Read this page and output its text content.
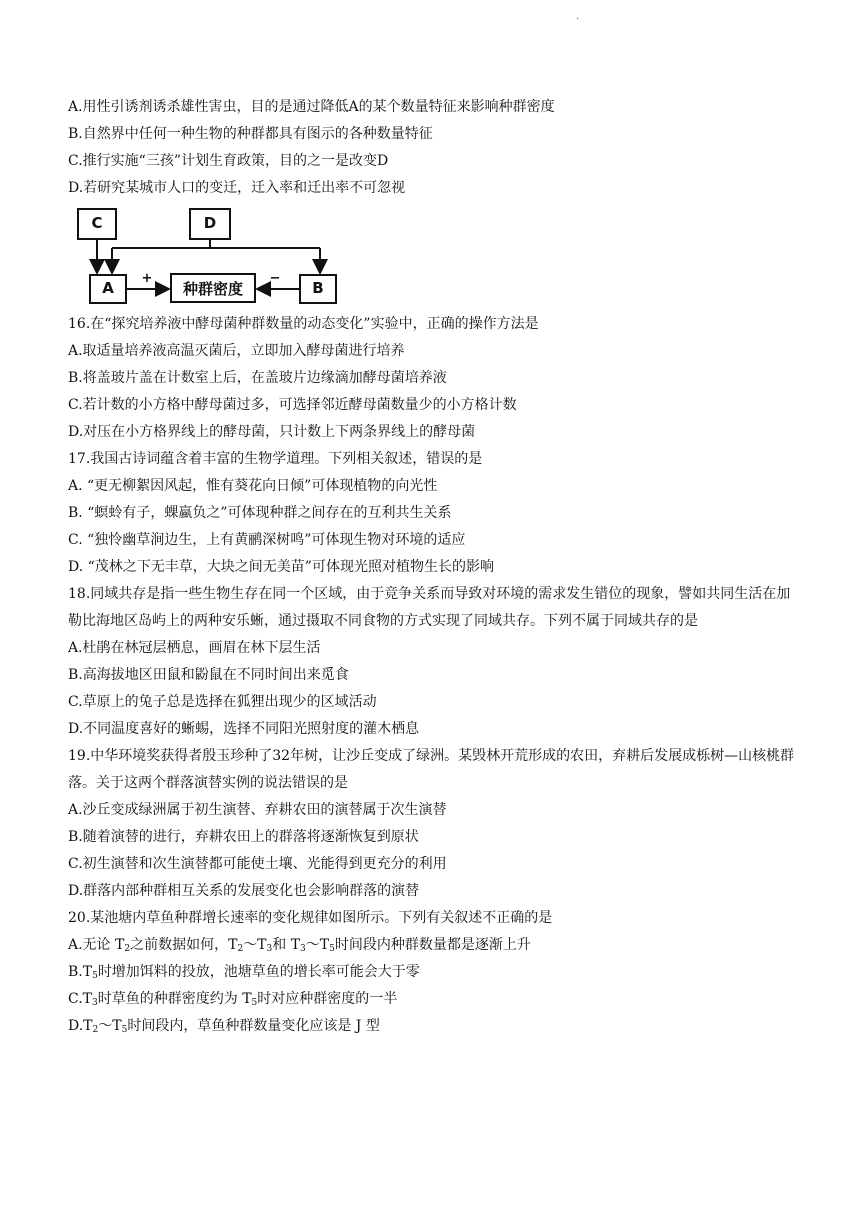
·
A.用性引诱剂诱杀雄性害虫，目的是通过降低A的某个数量特征来影响种群密度
B.自然界中任何一种生物的种群都具有图示的各种数量特征
C.推行实施“三孩”计划生育政策，目的之一是改变D
D.若研究某城市人口的变迁，迁入率和迁出率不可忽视
C	D
A	种群密度	B
+	−
16.在“探究培养液中酵母菌种群数量的动态变化”实验中，正确的操作方法是
A.取适量培养液高温灭菌后，立即加入酵母菌进行培养
B.将盖玻片盖在计数室上后，在盖玻片边缘滴加酵母菌培养液
C.若计数的小方格中酵母菌过多，可选择邻近酵母菌数量少的小方格计数
D.对压在小方格界线上的酵母菌，只计数上下两条界线上的酵母菌
17.我国古诗词蕴含着丰富的生物学道理。下列相关叙述，错误的是
A. “更无柳絮因风起，惟有葵花向日倾”可体现植物的向光性
B. “螟蛉有子，蜾蠃负之”可体现种群之间存在的互利共生关系
C. “独怜幽草涧边生，上有黄鹂深树鸣”可体现生物对环境的适应
D. “茂林之下无丰草，大块之间无美苗”可体现光照对植物生长的影响
18.同域共存是指一些生物生存在同一个区域，由于竞争关系而导致对环境的需求发生错位的现象，譬如共同生活在加勒比海地区岛屿上的两种安乐蜥，通过摄取不同食物的方式实现了同域共存。下列不属于同域共存的是
A.杜鹃在林冠层栖息，画眉在林下层生活
B.高海拔地区田鼠和鼢鼠在不同时间出来觅食
C.草原上的兔子总是选择在狐狸出现少的区域活动
D.不同温度喜好的蜥蜴，选择不同阳光照射度的灌木栖息
19.中华环境奖获得者殷玉珍种了32年树，让沙丘变成了绿洲。某毁林开荒形成的农田，弃耕后发展成栎树—山核桃群落。关于这两个群落演替实例的说法错误的是
A.沙丘变成绿洲属于初生演替、弃耕农田的演替属于次生演替
B.随着演替的进行，弃耕农田上的群落将逐渐恢复到原状
C.初生演替和次生演替都可能使土壤、光能得到更充分的利用
D.群落内部种群相互关系的发展变化也会影响群落的演替
20.某池塘内草鱼种群增长速率的变化规律如图所示。下列有关叙述不正确的是
A.无论 $T_2$之前数据如何，$T_2\sim T_3$和 $T_3\sim T_5$时间段内种群数量都是逐渐上升
$B.T_5$时增加饵料的投放，池塘草鱼的增长率可能会大于零
$C.T_3$时草鱼的种群密度约为 $T_5$时对应种群密度的一半
$D.T_2\sim T_5$时间段内，草鱼种群数量变化应该是 J 型
